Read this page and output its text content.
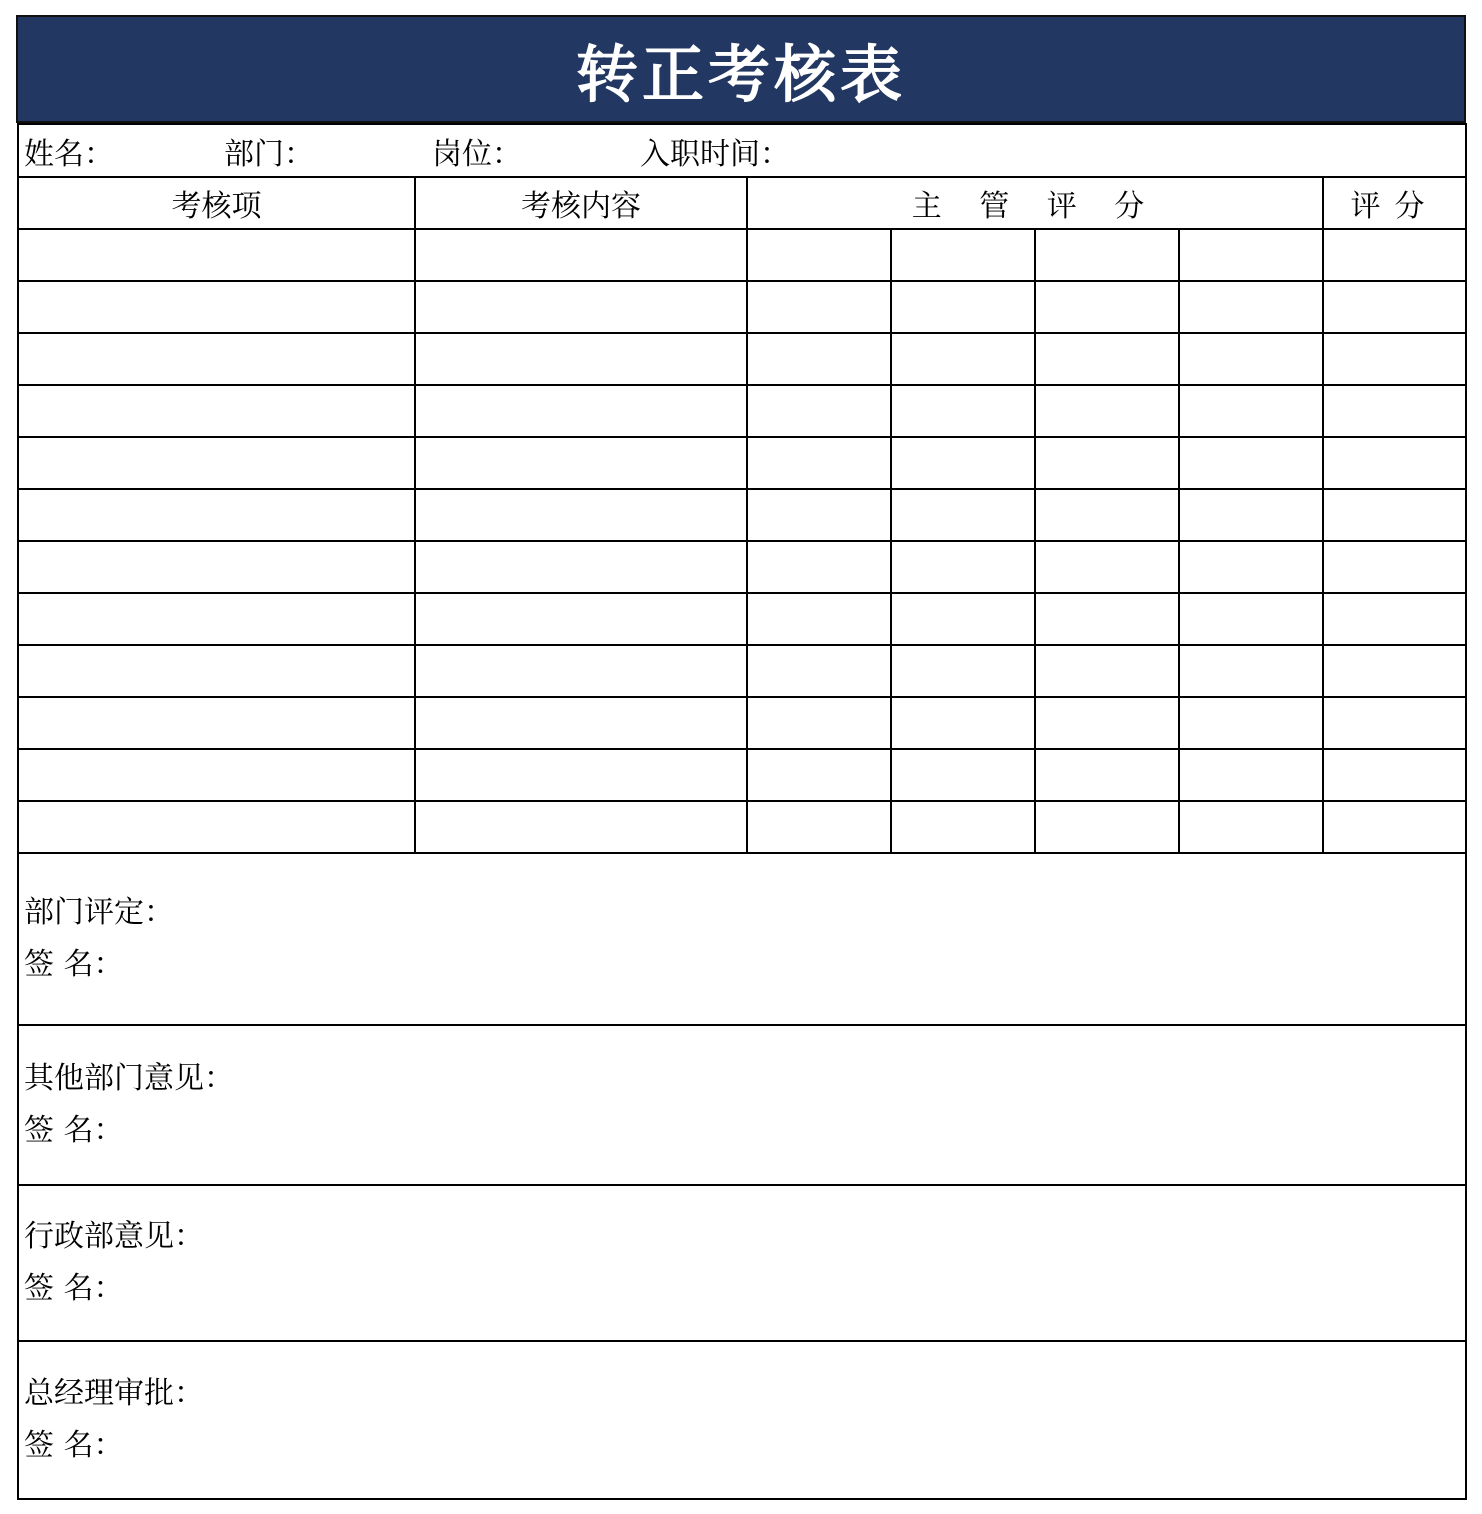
转正考核表
姓名： 部门： 岗位： 入职时间：						
考核项	考核内容	主 管 评 分				评分

部门评定：
签 名：						

其他部门意见：
签 名：						

行政部意见：
签 名：						

总经理审批：
签 名：						
